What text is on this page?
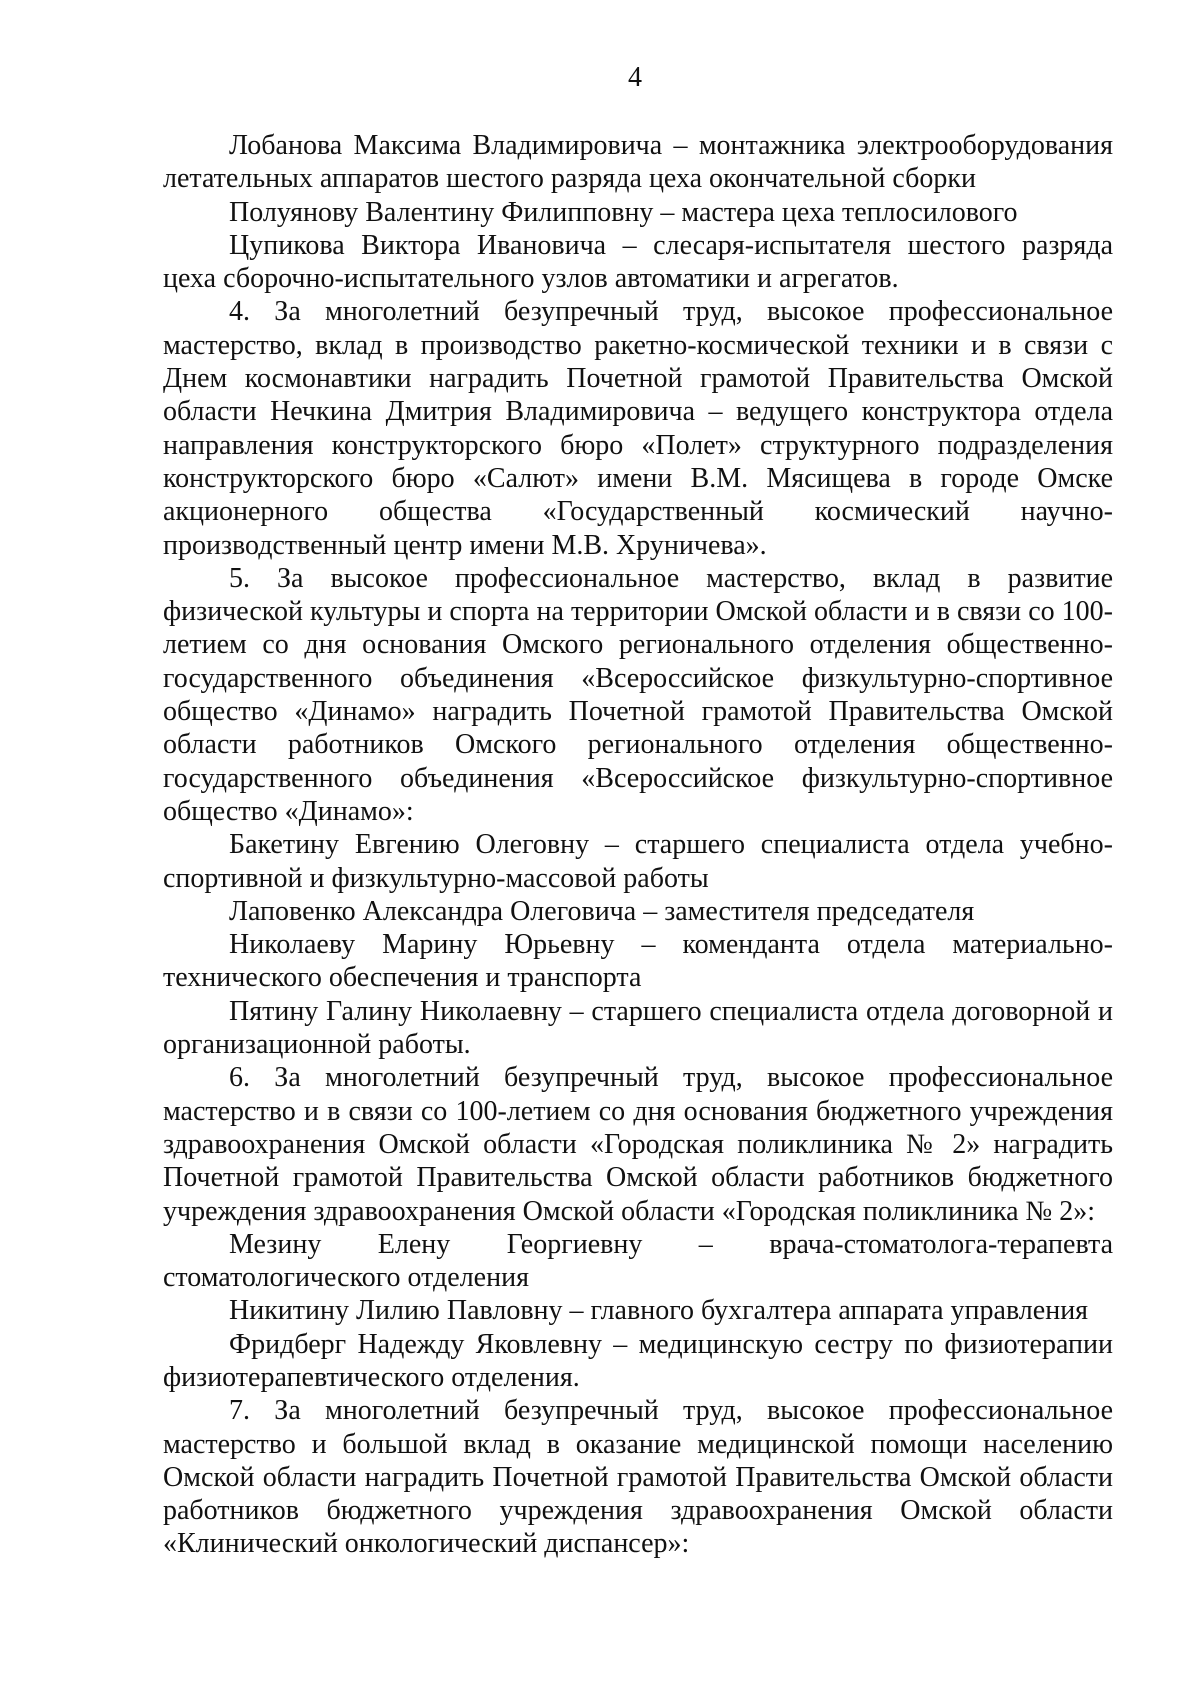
4

Лобанова Максима Владимировича – монтажника электрооборудования летательных аппаратов шестого разряда цеха окончательной сборки

Полуянову Валентину Филипповну – мастера цеха теплосилового

Цупикова Виктора Ивановича – слесаря-испытателя шестого разряда цеха сборочно-испытательного узлов автоматики и агрегатов.

4. За многолетний безупречный труд, высокое профессиональное мастерство, вклад в производство ракетно-космической техники и в связи с Днем космонавтики наградить Почетной грамотой Правительства Омской области Нечкина Дмитрия Владимировича – ведущего конструктора отдела направления конструкторского бюро «Полет» структурного подразделения конструкторского бюро «Салют» имени В.М. Мясищева в городе Омске акционерного общества «Государственный космический научно-производственный центр имени М.В. Хруничева».

5. За высокое профессиональное мастерство, вклад в развитие физической культуры и спорта на территории Омской области и в связи со 100-летием со дня основания Омского регионального отделения общественно-государственного объединения «Всероссийское физкультурно-спортивное общество «Динамо» наградить Почетной грамотой Правительства Омской области работников Омского регионального отделения общественно-государственного объединения «Всероссийское физкультурно-спортивное общество «Динамо»:

Бакетину Евгению Олеговну – старшего специалиста отдела учебно-спортивной и физкультурно-массовой работы

Лаповенко Александра Олеговича – заместителя председателя

Николаеву Марину Юрьевну – коменданта отдела материально-технического обеспечения и транспорта

Пятину Галину Николаевну – старшего специалиста отдела договорной и организационной работы.

6. За многолетний безупречный труд, высокое профессиональное мастерство и в связи со 100-летием со дня основания бюджетного учреждения здравоохранения Омской области «Городская поликлиника № 2» наградить Почетной грамотой Правительства Омской области работников бюджетного учреждения здравоохранения Омской области «Городская поликлиника № 2»:

Мезину Елену Георгиевну – врача-стоматолога-терапевта стоматологического отделения

Никитину Лилию Павловну – главного бухгалтера аппарата управления

Фридберг Надежду Яковлевну – медицинскую сестру по физиотерапии физиотерапевтического отделения.

7. За многолетний безупречный труд, высокое профессиональное мастерство и большой вклад в оказание медицинской помощи населению Омской области наградить Почетной грамотой Правительства Омской области работников бюджетного учреждения здравоохранения Омской области «Клинический онкологический диспансер»:
